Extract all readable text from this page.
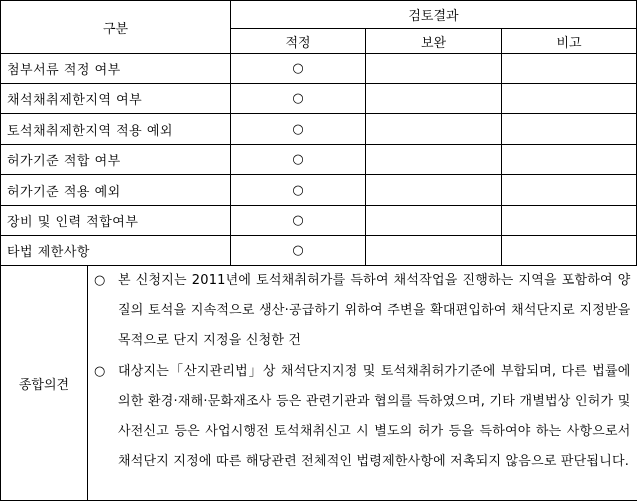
구분	검토결과		
	적정	보완	비고
첨부서류 적정 여부	○		
채석채취제한지역 여부	○		
토석채취제한지역 적용 예외	○		
허가기준 적합 여부	○		
허가기준 적용 예외	○		
장비 및 인력 적합여부	○		
타법 제한사항	○		

종합의견
○ 본 신청지는 2011년에 토석채취허가를 득하여 채석작업을 진행하는 지역을 포함하여 양질의 토석을 지속적으로 생산·공급하기 위하여 주변을 확대편입하여 채석단지로 지정받을 목적으로 단지 지정을 신청한 건
○ 대상지는「산지관리법」상 채석단지지정 및 토석채취허가기준에 부합되며, 다른 법률에 의한 환경·재해·문화재조사 등은 관련기관과 협의를 득하였으며, 기타 개별법상 인허가 및 사전신고 등은 사업시행전 토석채취신고 시 별도의 허가 등을 득하여야 하는 사항으로서 채석단지 지정에 따른 해당관련 전체적인 법령제한사항에 저촉되지 않음으로 판단됩니다.			
